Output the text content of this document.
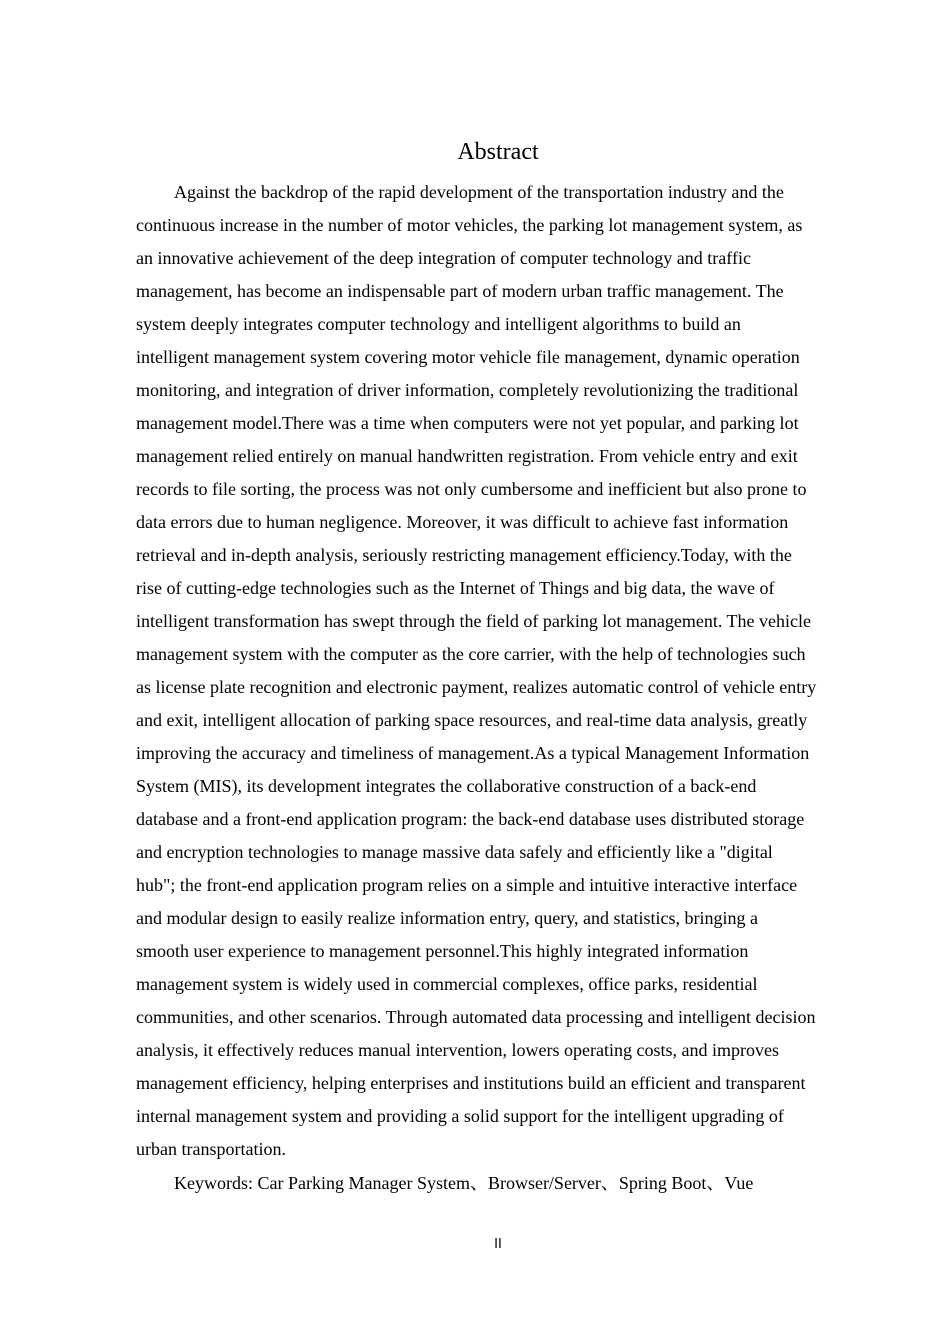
Abstract
Against the backdrop of the rapid development of the transportation industry and the
continuous increase in the number of motor vehicles, the parking lot management system, as
an innovative achievement of the deep integration of computer technology and traffic
management, has become an indispensable part of modern urban traffic management. The
system deeply integrates computer technology and intelligent algorithms to build an
intelligent management system covering motor vehicle file management, dynamic operation
monitoring, and integration of driver information, completely revolutionizing the traditional
management model.There was a time when computers were not yet popular, and parking lot
management relied entirely on manual handwritten registration. From vehicle entry and exit
records to file sorting, the process was not only cumbersome and inefficient but also prone to
data errors due to human negligence. Moreover, it was difficult to achieve fast information
retrieval and in-depth analysis, seriously restricting management efficiency.Today, with the
rise of cutting-edge technologies such as the Internet of Things and big data, the wave of
intelligent transformation has swept through the field of parking lot management. The vehicle
management system with the computer as the core carrier, with the help of technologies such
as license plate recognition and electronic payment, realizes automatic control of vehicle entry
and exit, intelligent allocation of parking space resources, and real-time data analysis, greatly
improving the accuracy and timeliness of management.As a typical Management Information
System (MIS), its development integrates the collaborative construction of a back-end
database and a front-end application program: the back-end database uses distributed storage
and encryption technologies to manage massive data safely and efficiently like a "digital
hub"; the front-end application program relies on a simple and intuitive interactive interface
and modular design to easily realize information entry, query, and statistics, bringing a
smooth user experience to management personnel.This highly integrated information
management system is widely used in commercial complexes, office parks, residential
communities, and other scenarios. Through automated data processing and intelligent decision
analysis, it effectively reduces manual intervention, lowers operating costs, and improves
management efficiency, helping enterprises and institutions build an efficient and transparent
internal management system and providing a solid support for the intelligent upgrading of
urban transportation.
Keywords: Car Parking Manager System、Browser/Server、Spring Boot、Vue
II
